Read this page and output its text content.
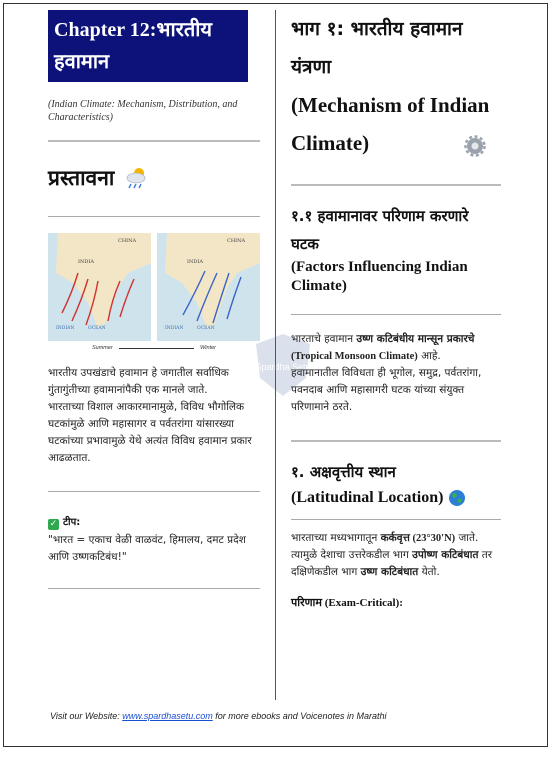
Spardha Setu
Chapter 12:भारतीय हवामान
(Indian Climate: Mechanism, Distribution, and Characteristics)
प्रस्तावना
CHINA
INDIA
INDIAN	OCEAN
CHINA
INDIA
INDIAN	OCEAN
Summer	Winter
भारतीय उपखंडाचे हवामान हे जगातील सर्वाधिक गुंतागुंतीच्या हवामानांपैकी एक मानले जाते.
भारताच्या विशाल आकारमानामुळे, विविध भौगोलिक घटकांमुळे आणि महासागर व पर्वतरांगा यांसारख्या घटकांच्या प्रभावामुळे येथे अत्यंत विविध हवामान प्रकार आढळतात.
✓ टीप:
"भारत = एकाच वेळी वाळवंट, हिमालय, दमट प्रदेश आणि उष्णकटिबंध!"
भाग १: भारतीय हवामान यंत्रणा
(Mechanism of Indian Climate)
१.१ हवामानावर परिणाम करणारे घटक
(Factors Influencing Indian Climate)
भारताचे हवामान उष्ण कटिबंधीय मान्सून प्रकारचे (Tropical Monsoon Climate) आहे.
हवामानातील विविधता ही भूगोल, समुद्र, पर्वतरांगा, पवनदाब आणि महासागरी घटक यांच्या संयुक्त परिणामाने ठरते.
१. अक्षवृत्तीय स्थान
(Latitudinal Location)
भारताच्या मध्यभागातून कर्कवृत्त (23°30'N) जाते. त्यामुळे देशाचा उत्तरेकडील भाग उपोष्ण कटिबंधात तर दक्षिणेकडील भाग उष्ण कटिबंधात येतो.
परिणाम (Exam-Critical):
Visit our Website: www.spardhasetu.com for more ebooks and Voicenotes in Marathi
